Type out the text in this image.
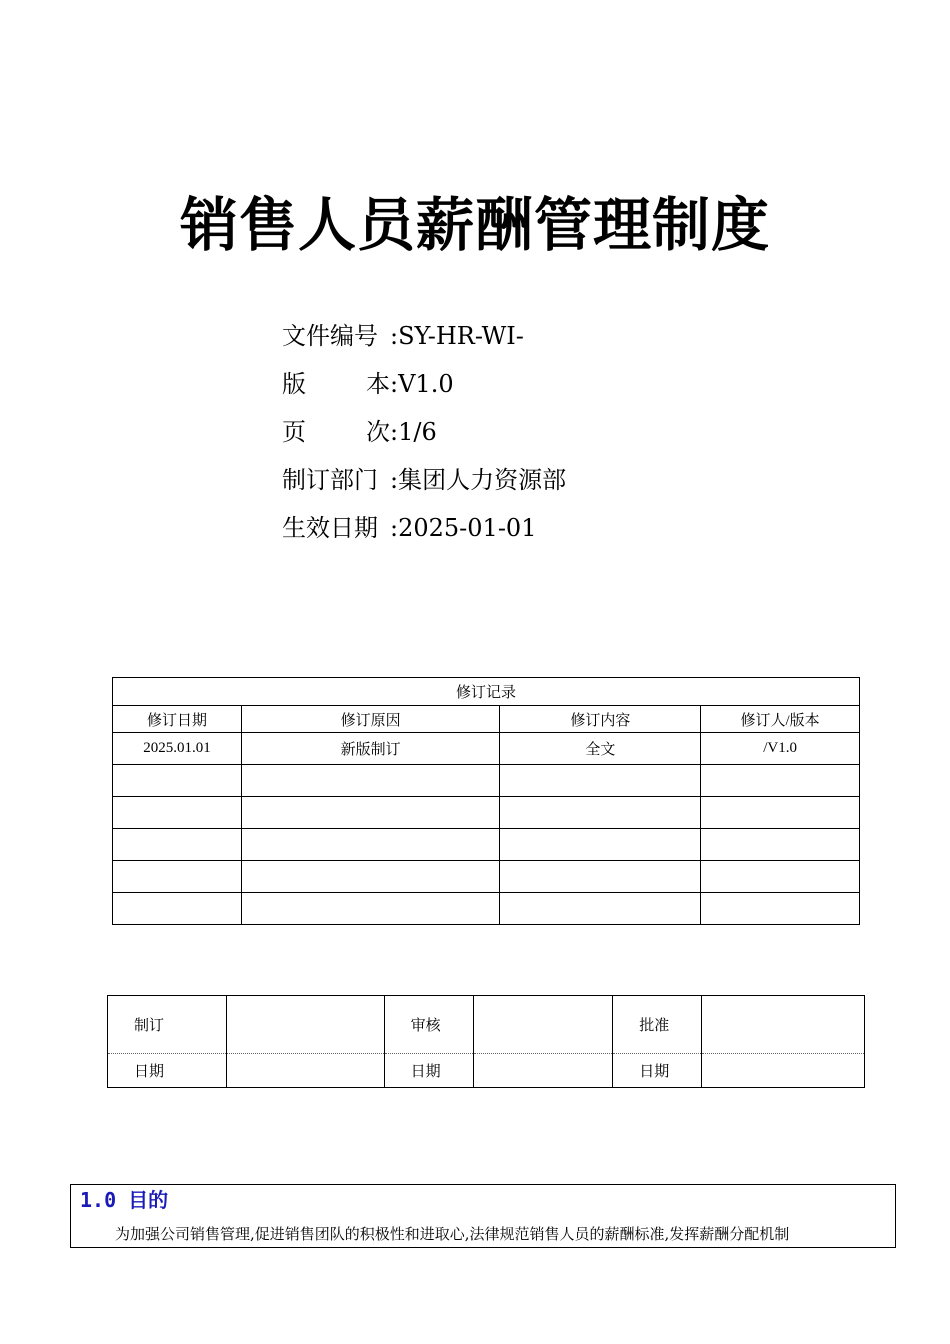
销售人员薪酬管理制度
文件编号 :SY-HR-WI-
版	本 :V1.0
页	次 :1/6
制订部门 :集团人力资源部
生效日期 :2025-01-01
修订记录			
修订日期	修订原因	修订内容	修订人/版本
2025.01.01	新版制订	全文	/V1.0

制订		审核		批准	
日期		日期		日期	
1.0 目的

为加强公司销售管理,促进销售团队的积极性和进取心,法律规范销售人员的薪酬标准,发挥薪酬分配机制
